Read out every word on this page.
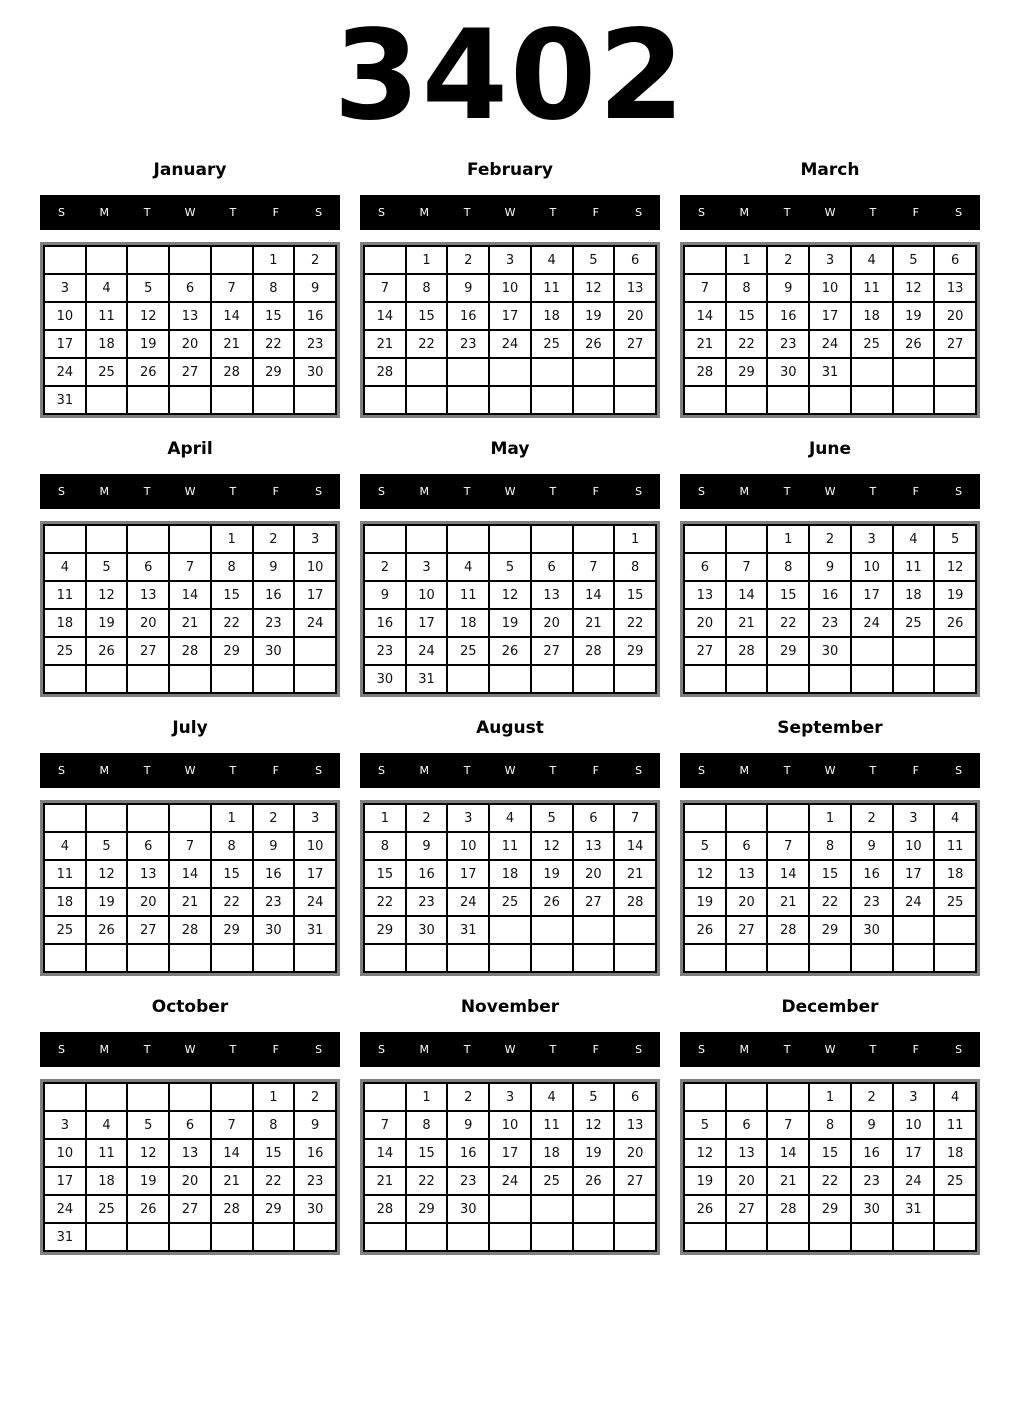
3402
January
S	M	T	W	T	F	S
					1	2
3	4	5	6	7	8	9
10	11	12	13	14	15	16
17	18	19	20	21	22	23
24	25	26	27	28	29	30
31						
February
S	M	T	W	T	F	S
	1	2	3	4	5	6
7	8	9	10	11	12	13
14	15	16	17	18	19	20
21	22	23	24	25	26	27
28						

March
S	M	T	W	T	F	S
	1	2	3	4	5	6
7	8	9	10	11	12	13
14	15	16	17	18	19	20
21	22	23	24	25	26	27
28	29	30	31			

April
S	M	T	W	T	F	S
				1	2	3
4	5	6	7	8	9	10
11	12	13	14	15	16	17
18	19	20	21	22	23	24
25	26	27	28	29	30	

May
S	M	T	W	T	F	S
						1
2	3	4	5	6	7	8
9	10	11	12	13	14	15
16	17	18	19	20	21	22
23	24	25	26	27	28	29
30	31					
June
S	M	T	W	T	F	S
		1	2	3	4	5
6	7	8	9	10	11	12
13	14	15	16	17	18	19
20	21	22	23	24	25	26
27	28	29	30			

July
S	M	T	W	T	F	S
				1	2	3
4	5	6	7	8	9	10
11	12	13	14	15	16	17
18	19	20	21	22	23	24
25	26	27	28	29	30	31

August
S	M	T	W	T	F	S
1	2	3	4	5	6	7
8	9	10	11	12	13	14
15	16	17	18	19	20	21
22	23	24	25	26	27	28
29	30	31				

September
S	M	T	W	T	F	S
			1	2	3	4
5	6	7	8	9	10	11
12	13	14	15	16	17	18
19	20	21	22	23	24	25
26	27	28	29	30		

October
S	M	T	W	T	F	S
					1	2
3	4	5	6	7	8	9
10	11	12	13	14	15	16
17	18	19	20	21	22	23
24	25	26	27	28	29	30
31						
November
S	M	T	W	T	F	S
	1	2	3	4	5	6
7	8	9	10	11	12	13
14	15	16	17	18	19	20
21	22	23	24	25	26	27
28	29	30				

December
S	M	T	W	T	F	S
			1	2	3	4
5	6	7	8	9	10	11
12	13	14	15	16	17	18
19	20	21	22	23	24	25
26	27	28	29	30	31	
